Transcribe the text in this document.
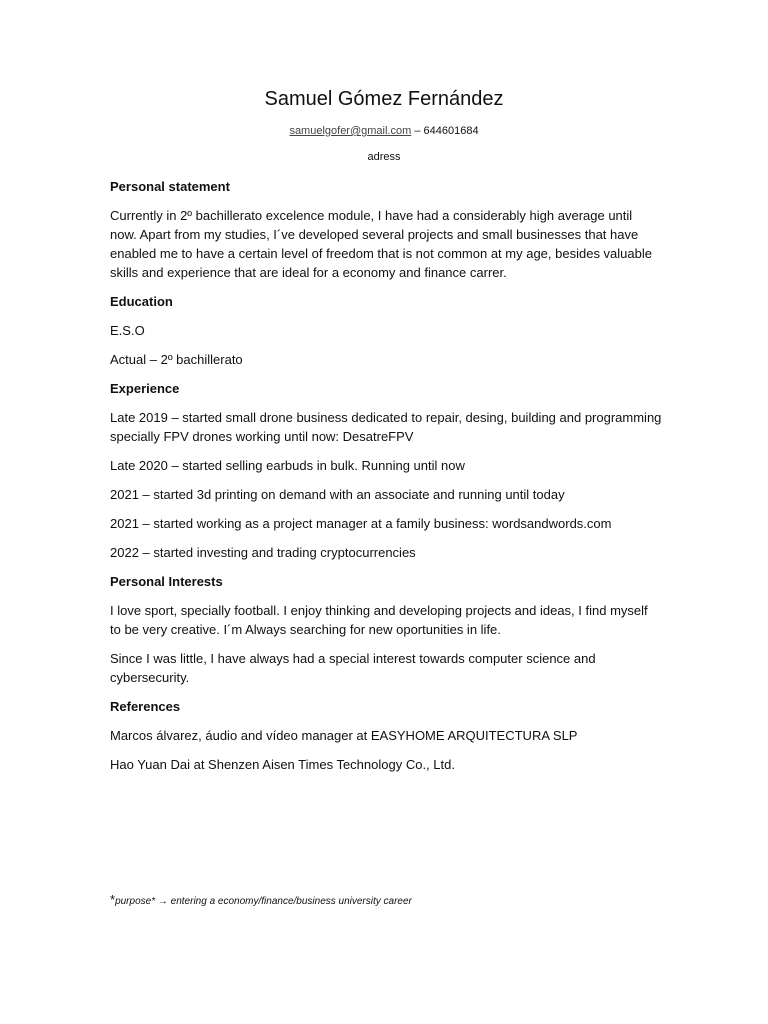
Samuel Gómez Fernández
samuelgofer@gmail.com – 644601684
adress
Personal statement

Currently in 2º bachillerato excelence module, I have had a considerably high average until now. Apart from my studies, I´ve developed several projects and small businesses that have enabled me to have a certain level of freedom that is not common at my age, besides valuable skills and experience that are ideal for a economy and finance carrer.

Education

E.S.O

Actual – 2º bachillerato

Experience

Late 2019 – started small drone business dedicated to repair, desing, building and programming specially FPV drones working until now: DesatreFPV

Late 2020 – started selling earbuds in bulk. Running until now

2021 – started 3d printing on demand with an associate and running until today

2021 – started working as a project manager at a family business: wordsandwords.com

2022 – started investing and trading cryptocurrencies

Personal Interests

I love sport, specially football. I enjoy thinking and developing projects and ideas, I find myself to be very creative. I´m Always searching for new oportunities in life.

Since I was little, I have always had a special interest towards computer science and cybersecurity.

References

Marcos álvarez, áudio and vídeo manager at EASYHOME ARQUITECTURA SLP

Hao Yuan Dai at Shenzen Aisen Times Technology Co., Ltd.

*purpose* → entering a economy/finance/business university career
